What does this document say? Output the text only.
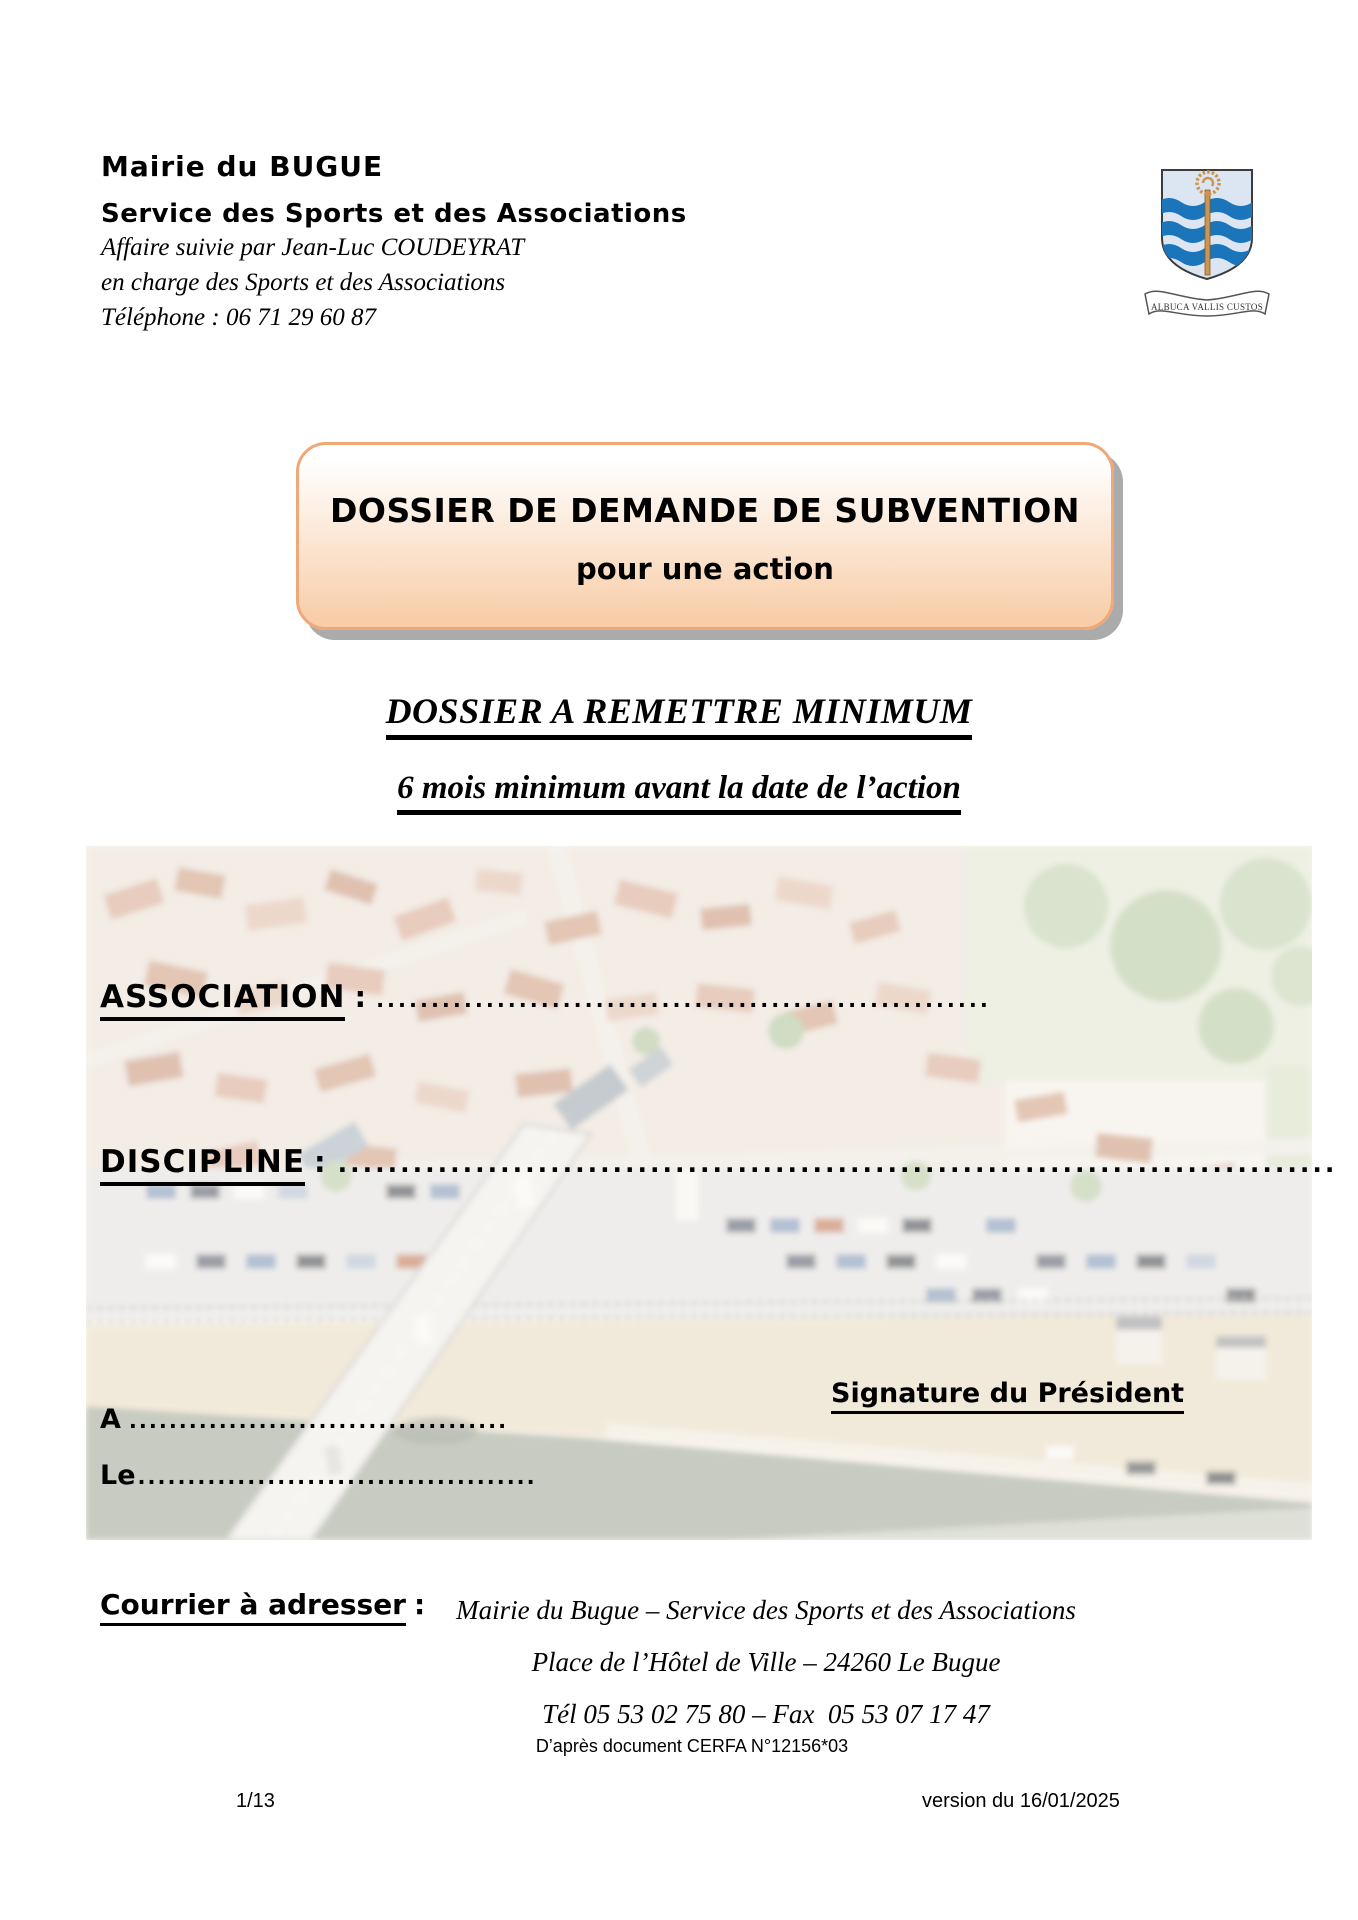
Mairie du BUGUE
Service des Sports et des Associations
Affaire suivie par Jean-Luc COUDEYRAT
en charge des Sports et des Associations
Téléphone : 06 71 29 60 87	ALBUCA VALLIS CUSTOS
DOSSIER DE DEMANDE DE SUBVENTION
pour une action
DOSSIER A REMETTRE MINIMUM
6 mois minimum avant la date de l’action
ASSOCIATION : ........................................................
DISCIPLINE : ................................................................................
A ......................................
Le........................................
Signature du Président
Courrier à adresser :	Mairie du Bugue – Service des Sports et des Associations
Place de l’Hôtel de Ville – 24260 Le Bugue
Tél 05 53 02 75 80 – Fax  05 53 07 17 47
D’après document CERFA N°12156*03
1/13	version du 16/01/2025
